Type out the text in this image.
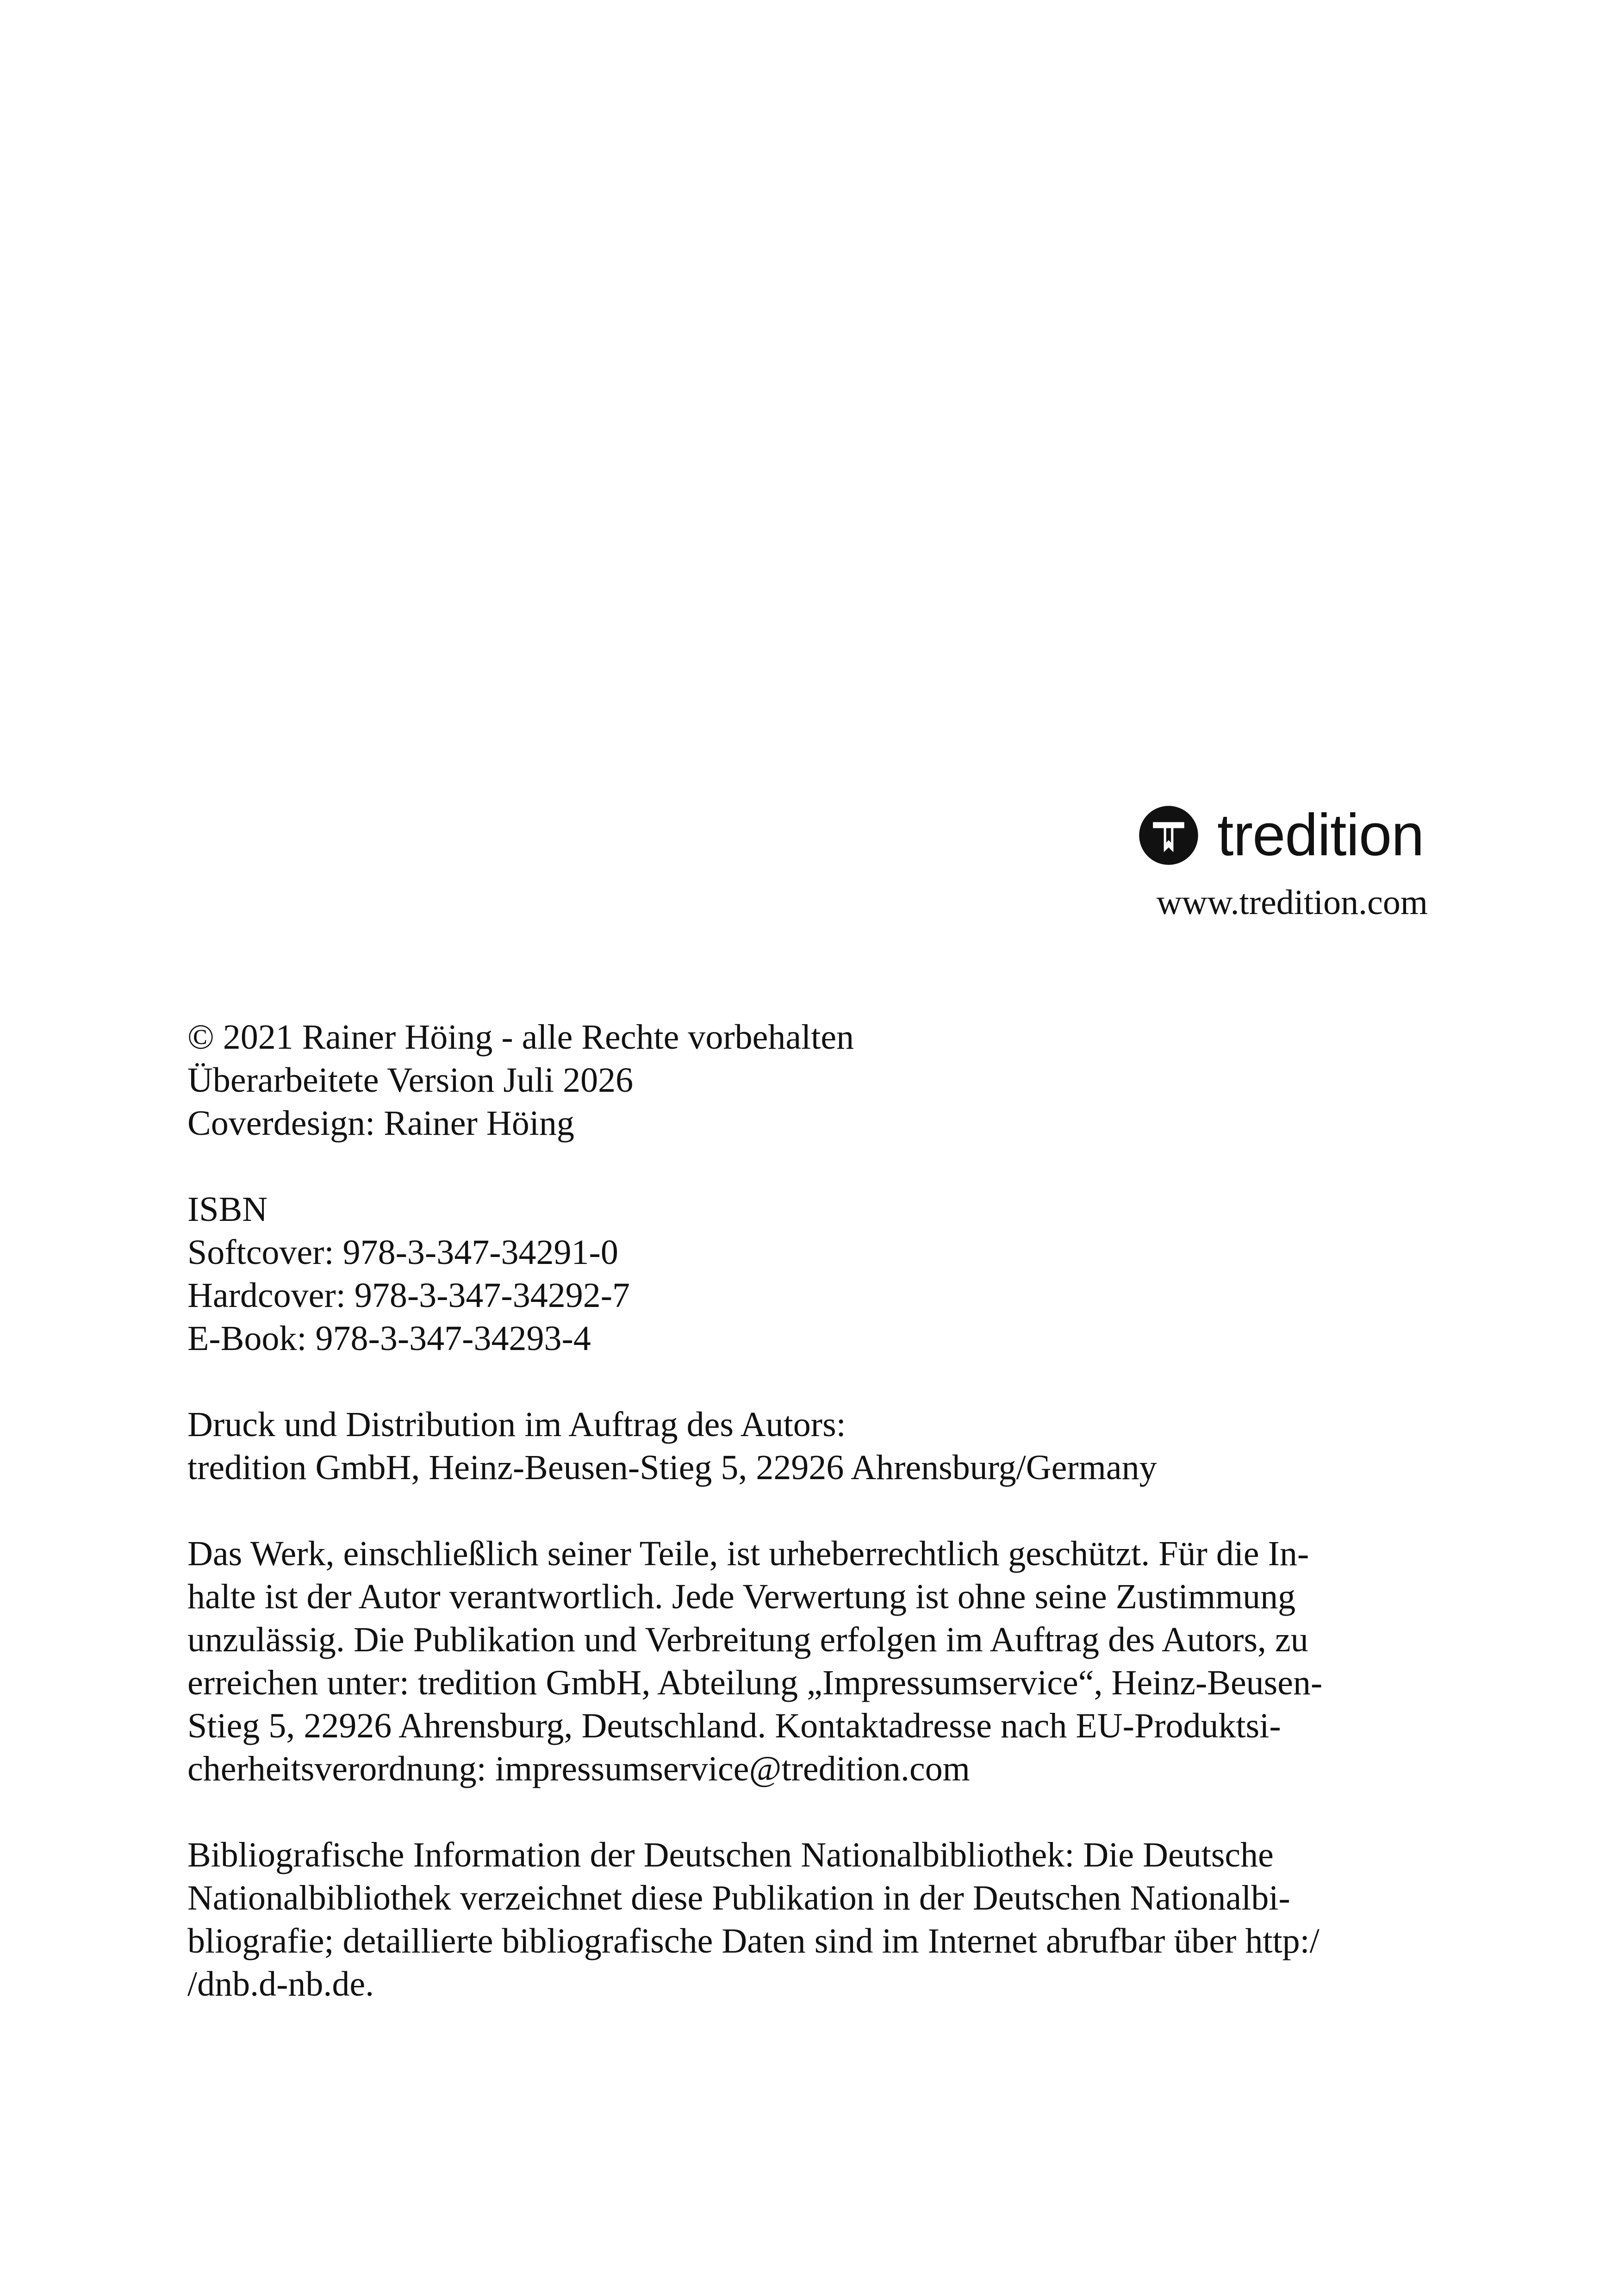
tredition
www.tredition.com

© 2021 Rainer Höing - alle Rechte vorbehalten

Überarbeitete Version Juli 2026

Coverdesign: Rainer Höing

ISBN

Softcover: 978-3-347-34291-0

Hardcover: 978-3-347-34292-7

E-Book: 978-3-347-34293-4

Druck und Distribution im Auftrag des Autors:

tredition GmbH, Heinz-Beusen-Stieg 5, 22926 Ahrensburg/Germany

Das Werk, einschließlich seiner Teile, ist urheberrechtlich geschützt. Für die In-

halte ist der Autor verantwortlich. Jede Verwertung ist ohne seine Zustimmung

unzulässig. Die Publikation und Verbreitung erfolgen im Auftrag des Autors, zu

erreichen unter: tredition GmbH, Abteilung „Impressumservice“, Heinz-Beusen-

Stieg 5, 22926 Ahrensburg, Deutschland. Kontaktadresse nach EU-Produktsi-

cherheitsverordnung: impressumservice@tredition.com

Bibliografische Information der Deutschen Nationalbibliothek: Die Deutsche

Nationalbibliothek verzeichnet diese Publikation in der Deutschen Nationalbi-

bliografie; detaillierte bibliografische Daten sind im Internet abrufbar über http:/

/dnb.d-nb.de.
